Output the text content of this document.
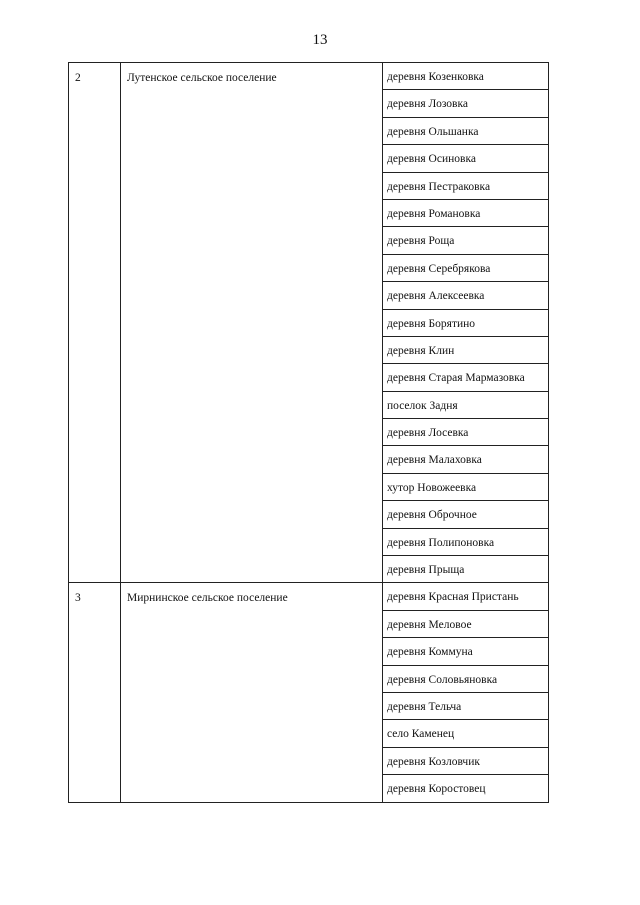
13
2	Лутенское сельское поселение	деревня Козенковка
		деревня Лозовка
		деревня Ольшанка
		деревня Осиновка
		деревня Пестраковка
		деревня Романовка
		деревня Роща
		деревня Серебрякова
		деревня Алексеевка
		деревня Борятино
		деревня Клин
		деревня Старая Мармазовка
		поселок Задня
		деревня Лосевка
		деревня Малаховка
		хутор Новожеевка
		деревня Оброчное
		деревня Полипоновка
		деревня Прыща
3	Мирнинское сельское поселение	деревня Красная Пристань
		деревня Меловое
		деревня Коммуна
		деревня Соловьяновка
		деревня Тельча
		село Каменец
		деревня Козловчик
		деревня Коростовец
